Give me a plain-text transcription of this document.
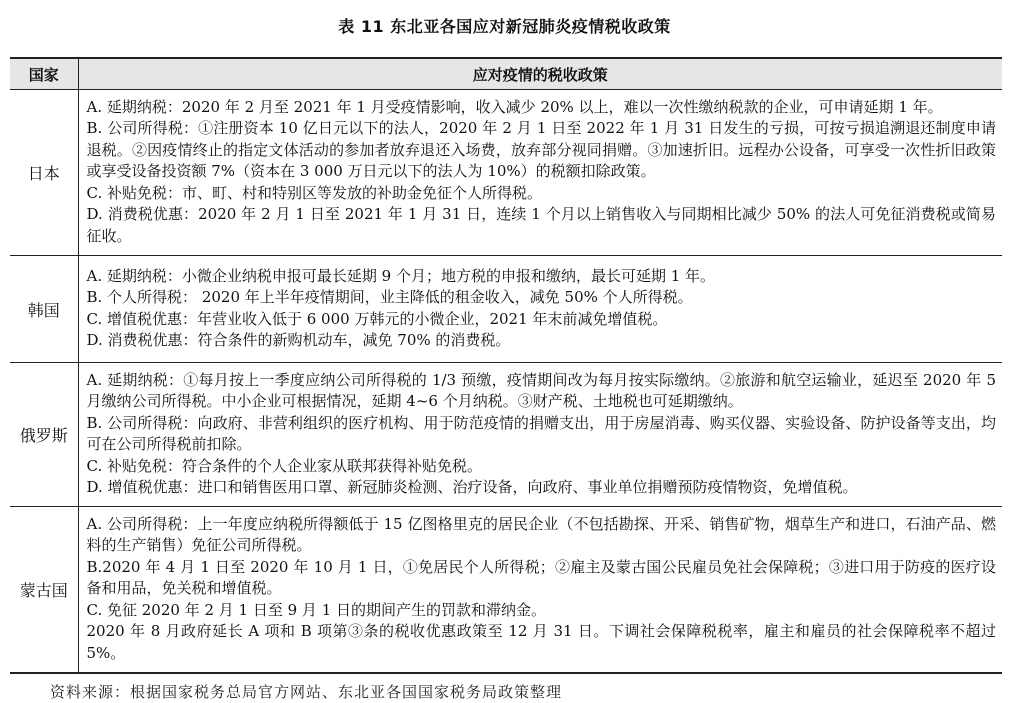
表 11 东北亚各国应对新冠肺炎疫情税收政策
国家	应对疫情的税收政策
日本	A. 延期纳税：2020 年 2 月至 2021 年 1 月受疫情影响，收入减少 20% 以上，难以一次性缴纳税款的企业，可申请延期 1 年。
B. 公司所得税：①注册资本 10 亿日元以下的法人，2020 年 2 月 1 日至 2022 年 1 月 31 日发生的亏损，可按亏损追溯退还制度申请退税。②因疫情终止的指定文体活动的参加者放弃退还入场费，放弃部分视同捐赠。③加速折旧。远程办公设备，可享受一次性折旧政策或享受设备投资额 7%（资本在 3 000 万日元以下的法人为 10%）的税额扣除政策。
C. 补贴免税：市、町、村和特别区等发放的补助金免征个人所得税。
D. 消费税优惠：2020 年 2 月 1 日至 2021 年 1 月 31 日，连续 1 个月以上销售收入与同期相比减少 50% 的法人可免征消费税或简易征收。

韩国	A. 延期纳税：小微企业纳税申报可最长延期 9 个月；地方税的申报和缴纳，最长可延期 1 年。
B. 个人所得税： 2020 年上半年疫情期间，业主降低的租金收入，减免 50% 个人所得税。
C. 增值税优惠：年营业收入低于 6 000 万韩元的小微企业，2021 年末前减免增值税。
D. 消费税优惠：符合条件的新购机动车，减免 70% 的消费税。

俄罗斯	A. 延期纳税：①每月按上一季度应纳公司所得税的 1/3 预缴，疫情期间改为每月按实际缴纳。②旅游和航空运输业，延迟至 2020 年 5 月缴纳公司所得税。中小企业可根据情况，延期 4~6 个月纳税。③财产税、土地税也可延期缴纳。
B. 公司所得税：向政府、非营利组织的医疗机构、用于防范疫情的捐赠支出，用于房屋消毒、购买仪器、实验设备、防护设备等支出，均可在公司所得税前扣除。
C. 补贴免税：符合条件的个人企业家从联邦获得补贴免税。
D. 增值税优惠：进口和销售医用口罩、新冠肺炎检测、治疗设备，向政府、事业单位捐赠预防疫情物资，免增值税。

蒙古国	A. 公司所得税：上一年度应纳税所得额低于 15 亿图格里克的居民企业（不包括勘探、开采、销售矿物，烟草生产和进口，石油产品、燃料的生产销售）免征公司所得税。
B.2020 年 4 月 1 日至 2020 年 10 月 1 日，①免居民个人所得税；②雇主及蒙古国公民雇员免社会保障税；③进口用于防疫的医疗设备和用品，免关税和增值税。
C. 免征 2020 年 2 月 1 日至 9 月 1 日的期间产生的罚款和滞纳金。
2020 年 8 月政府延长 A 项和 B 项第③条的税收优惠政策至 12 月 31 日。下调社会保障税税率，雇主和雇员的社会保障税率不超过 5%。
资料来源：根据国家税务总局官方网站、东北亚各国国家税务局政策整理
